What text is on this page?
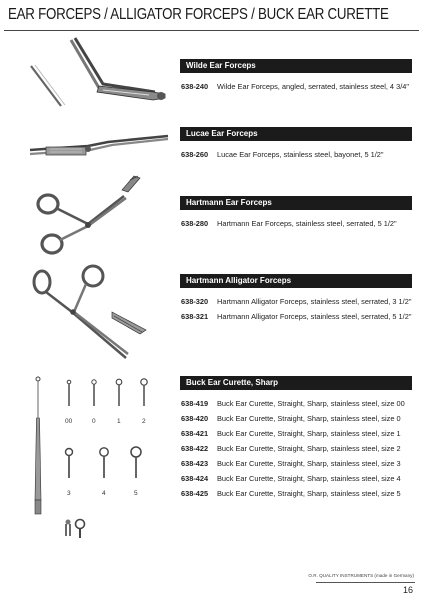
EAR FORCEPS / ALLIGATOR FORCEPS / BUCK EAR CURETTE
Wilde Ear Forceps
638-240 Wilde Ear Forceps, angled, serrated, stainless steel, 4 3/4"
Lucae Ear Forceps
638-260 Lucae Ear Forceps, stainless steel, bayonet, 5 1/2"
Hartmann Ear Forceps
638-280 Hartmann Ear Forceps, stainless steel, serrated, 5 1/2"
Hartmann Alligator Forceps
638-320 Hartmann Alligator Forceps, stainless steel, serrated, 3 1/2"
638-321 Hartmann Alligator Forceps, stainless steel, serrated, 5 1/2"
Buck Ear Curette, Sharp
638-419 Buck Ear Curette, Straight, Sharp, stainless steel, size 00
638-420 Buck Ear Curette, Straight, Sharp, stainless steel, size 0
638-421 Buck Ear Curette, Straight, Sharp, stainless steel, size 1
638-422 Buck Ear Curette, Straight, Sharp, stainless steel, size 2
638-423 Buck Ear Curette, Straight, Sharp, stainless steel, size 3
638-424 Buck Ear Curette, Straight, Sharp, stainless steel, size 4
638-425 Buck Ear Curette, Straight, Sharp, stainless steel, size 5
00	0	1	2
3	4	5
O.R. QUALITY INSTRUMENTS (made in Germany)
16
